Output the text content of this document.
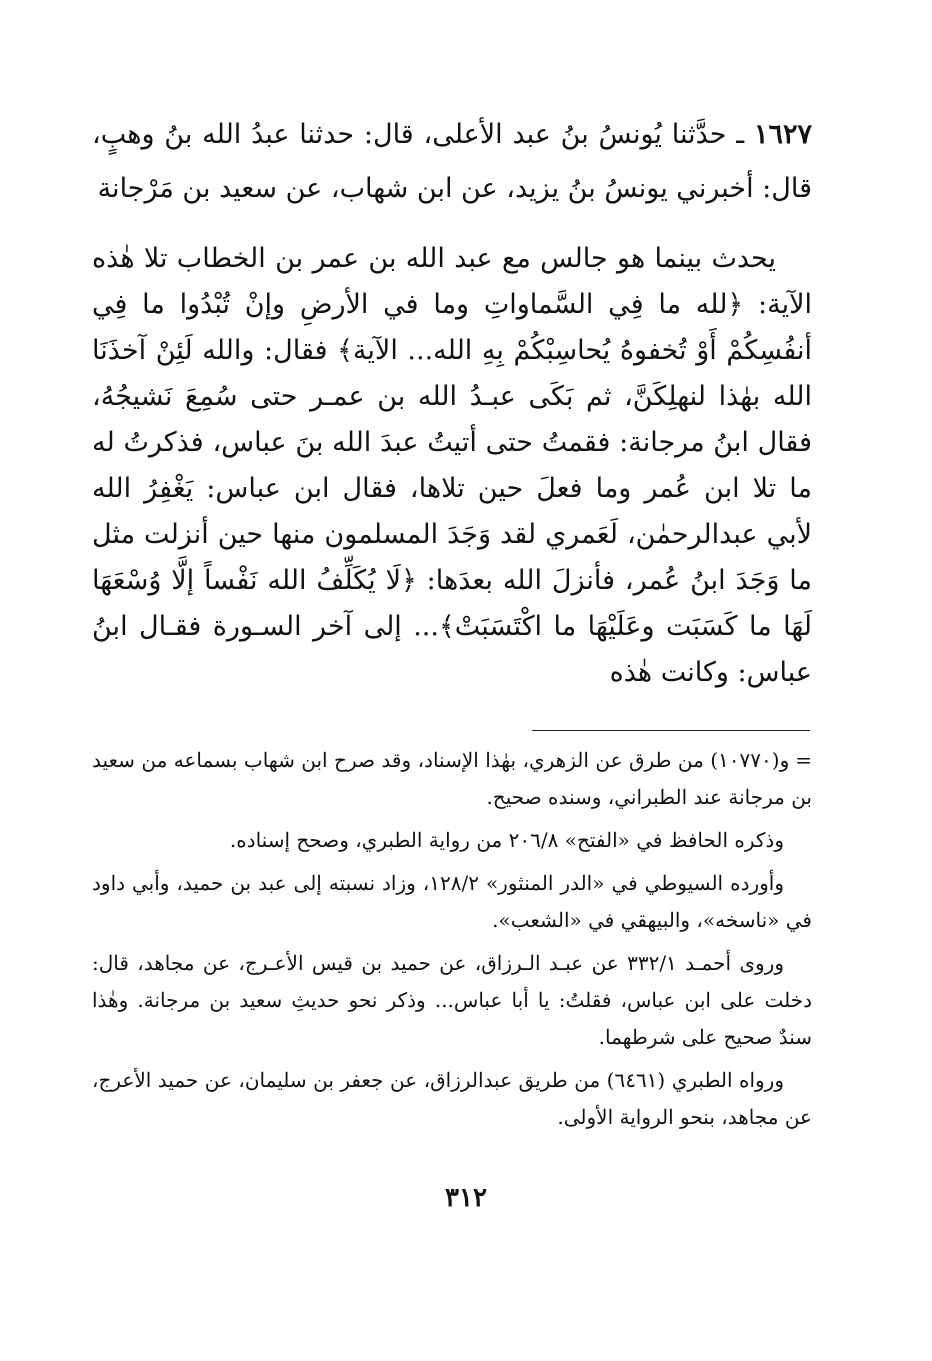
١٦٢٧ ـ حدَّثنا يُونسُ بنُ عبد الأعلى، قال: حدثنا عبدُ الله بنُ وهبٍ، قال: أخبرني يونسُ بنُ يزيد، عن ابن شهاب، عن سعيد بن مَرْجانة

يحدث بينما هو جالس مع عبد الله بن عمر بن الخطاب تلا هٰذه الآية: ﴿لله ما فِي السَّماواتِ وما في الأرضِ وإنْ تُبْدُوا ما فِي أنفُسِكُمْ أَوْ تُخفوهُ يُحاسِبْكُمْ بِهِ الله... الآية﴾ فقال: والله لَئِنْ آخذَنَا الله بهٰذا لنهلِكَنَّ، ثم بَكَى عبـدُ الله بن عمـر حتى سُمِعَ نَشيجُهُ، فقال ابنُ مرجانة: فقمتُ حتى أتيتُ عبدَ الله بنَ عباس، فذكرتُ له ما تلا ابن عُمر وما فعلَ حين تلاها، فقال ابن عباس: يَغْفِرُ الله لأبي عبدالرحمٰن، لَعَمري لقد وَجَدَ المسلمون منها حين أنزلت مثل ما وَجَدَ ابنُ عُمر، فأنزلَ الله بعدَها: ﴿لَا يُكَلِّفُ الله نَفْساً إلَّا وُسْعَهَا لَهَا ما كَسَبَت وعَلَيْهَا ما اكْتَسَبَتْ﴾... إلى آخر السـورة فقـال ابنُ عباس: وكانت هٰذه

=و(١٠٧٧٠) من طرق عن الزهري، بهٰذا الإسناد، وقد صرح ابن شهاب بسماعه من سعيد بن مرجانة عند الطبراني، وسنده صحيح.

وذكره الحافظ في «الفتح» ٢٠٦/٨ من رواية الطبري، وصحح إسناده.

وأورده السيوطي في «الدر المنثور» ١٢٨/٢، وزاد نسبته إلى عبد بن حميد، وأبي داود في «ناسخه»، والبيهقي في «الشعب».

وروى أحمـد ٣٣٢/١ عن عبـد الـرزاق، عن حميد بن قيس الأعـرج، عن مجاهد، قال: دخلت على ابن عباس، فقلتُ: يا أبا عباس... وذكر نحو حديثِ سعيد بن مرجانة. وهٰذا سندٌ صحيح على شرطهما.

ورواه الطبري (٦٤٦١) من طريق عبدالرزاق، عن جعفر بن سليمان، عن حميد الأعرج، عن مجاهد، بنحو الرواية الأولى.

٣١٢
